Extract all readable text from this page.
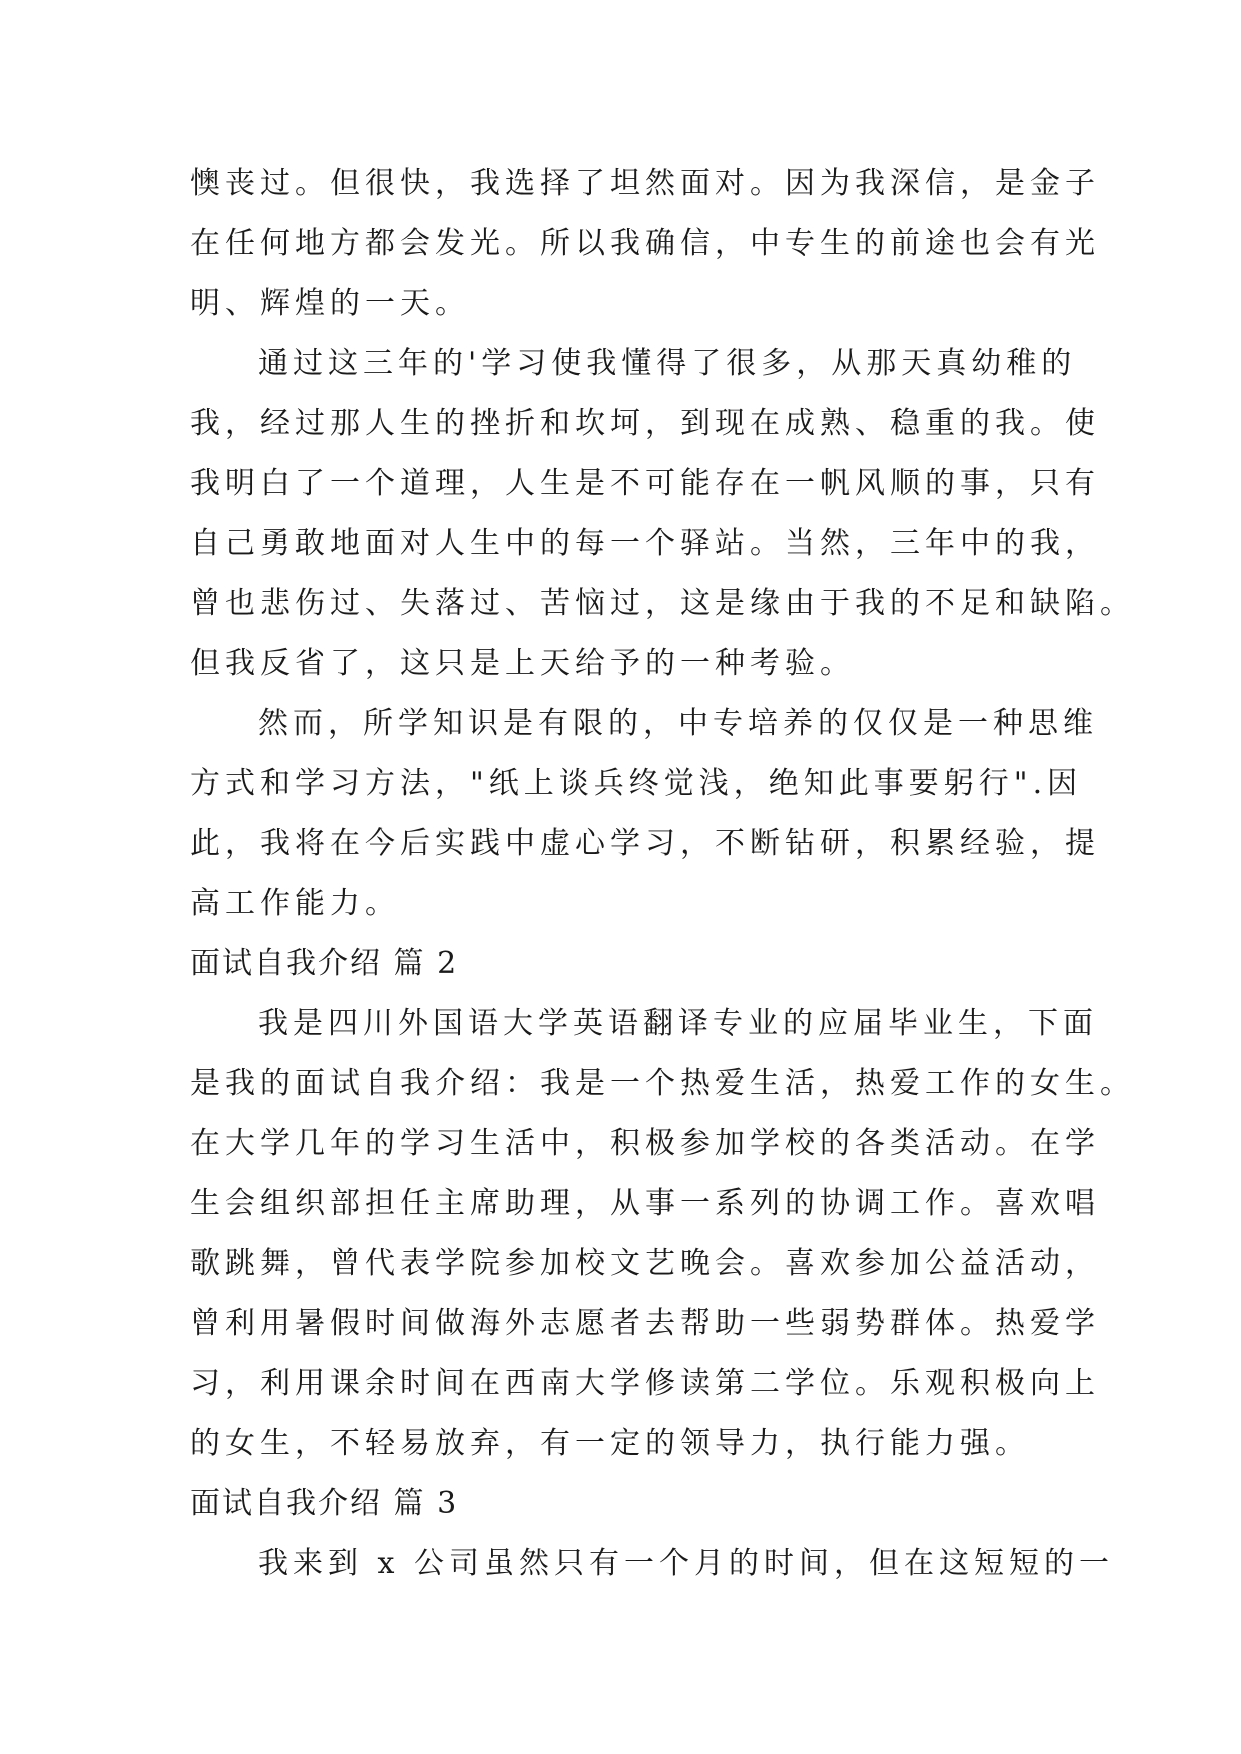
懊丧过。但很快，我选择了坦然面对。因为我深信，是金子
在任何地方都会发光。所以我确信，中专生的前途也会有光
明、辉煌的一天。
通过这三年的'学习使我懂得了很多，从那天真幼稚的
我，经过那人生的挫折和坎坷，到现在成熟、稳重的我。使
我明白了一个道理，人生是不可能存在一帆风顺的事，只有
自己勇敢地面对人生中的每一个驿站。当然，三年中的我，
曾也悲伤过、失落过、苦恼过，这是缘由于我的不足和缺陷。
但我反省了，这只是上天给予的一种考验。
然而，所学知识是有限的，中专培养的仅仅是一种思维
方式和学习方法，"纸上谈兵终觉浅，绝知此事要躬行".因
此，我将在今后实践中虚心学习，不断钻研，积累经验，提
高工作能力。
面试自我介绍 篇 2
我是四川外国语大学英语翻译专业的应届毕业生，下面
是我的面试自我介绍：我是一个热爱生活，热爱工作的女生。
在大学几年的学习生活中，积极参加学校的各类活动。在学
生会组织部担任主席助理，从事一系列的协调工作。喜欢唱
歌跳舞，曾代表学院参加校文艺晚会。喜欢参加公益活动，
曾利用暑假时间做海外志愿者去帮助一些弱势群体。热爱学
习，利用课余时间在西南大学修读第二学位。乐观积极向上
的女生，不轻易放弃，有一定的领导力，执行能力强。
面试自我介绍 篇 3
我来到 x 公司虽然只有一个月的时间，但在这短短的一
